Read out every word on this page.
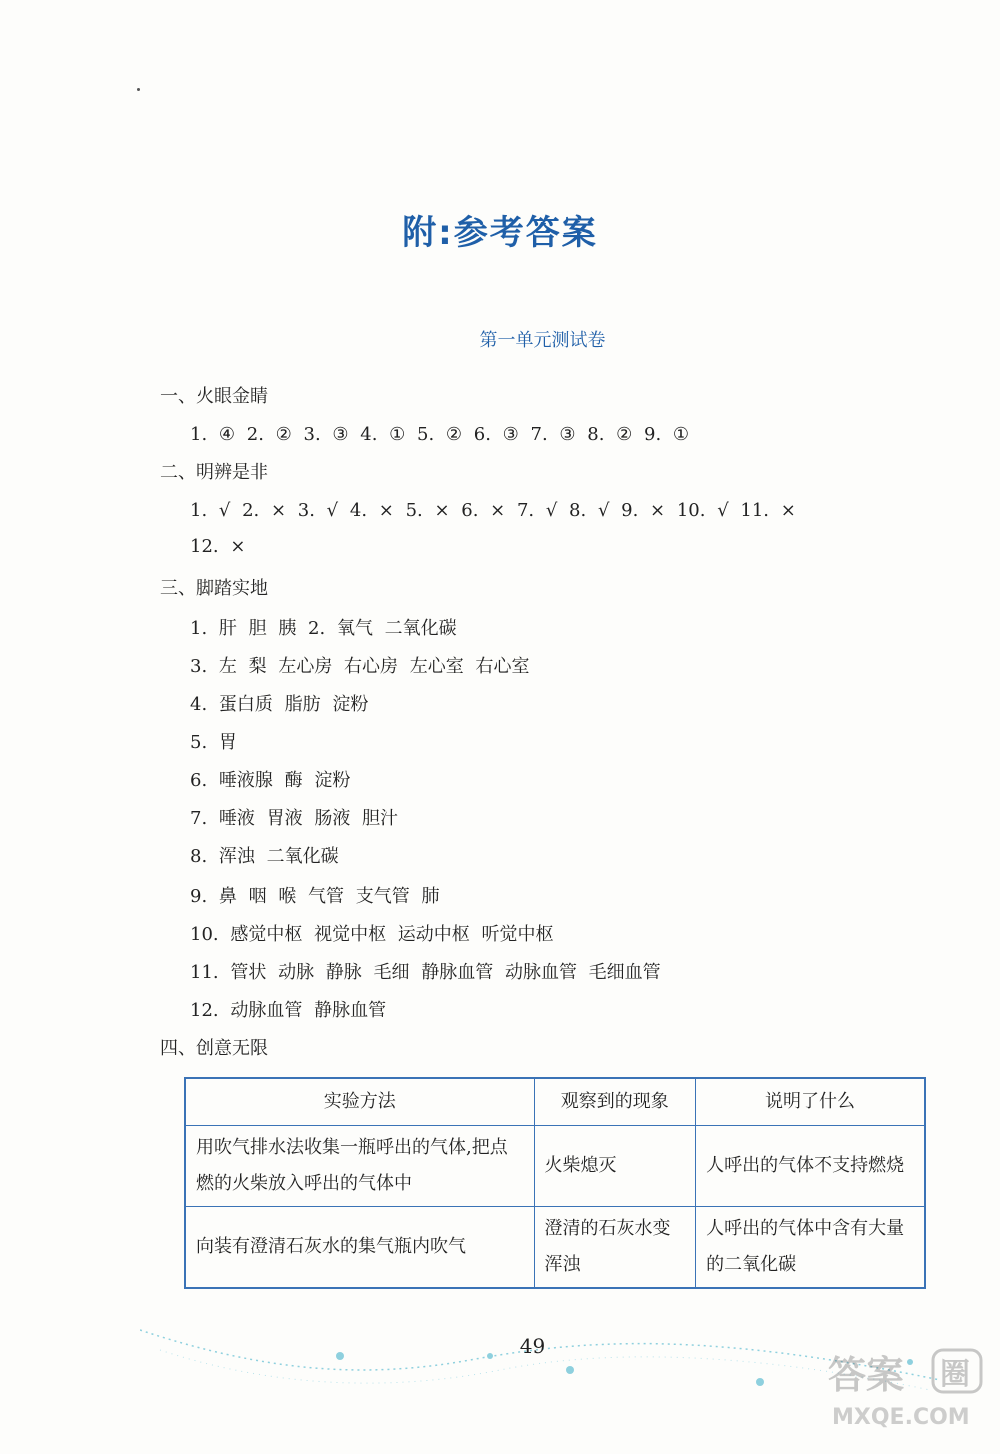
附:参考答案
第一单元测试卷
一、火眼金睛
1. ④ 2. ② 3. ③ 4. ① 5. ② 6. ③ 7. ③ 8. ② 9. ①
二、明辨是非
1. √ 2. × 3. √ 4. × 5. × 6. × 7. √ 8. √ 9. × 10. √ 11. ×
12. ×
三、脚踏实地
1. 肝 胆 胰 2. 氧气 二氧化碳
3. 左 梨 左心房 右心房 左心室 右心室
4. 蛋白质 脂肪 淀粉
5. 胃
6. 唾液腺 酶 淀粉
7. 唾液 胃液 肠液 胆汁
8. 浑浊 二氧化碳
9. 鼻 咽 喉 气管 支气管 肺
10. 感觉中枢 视觉中枢 运动中枢 听觉中枢
11. 管状 动脉 静脉 毛细 静脉血管 动脉血管 毛细血管
12. 动脉血管 静脉血管
四、创意无限
实验方法	观察到的现象	说明了什么
用吹气排水法收集一瓶呼出的气体,把点燃的火柴放入呼出的气体中	火柴熄灭	人呼出的气体不支持燃烧
向装有澄清石灰水的集气瓶内吹气	澄清的石灰水变浑浊	人呼出的气体中含有大量的二氧化碳
49
答案 圈
MXQE.COM
